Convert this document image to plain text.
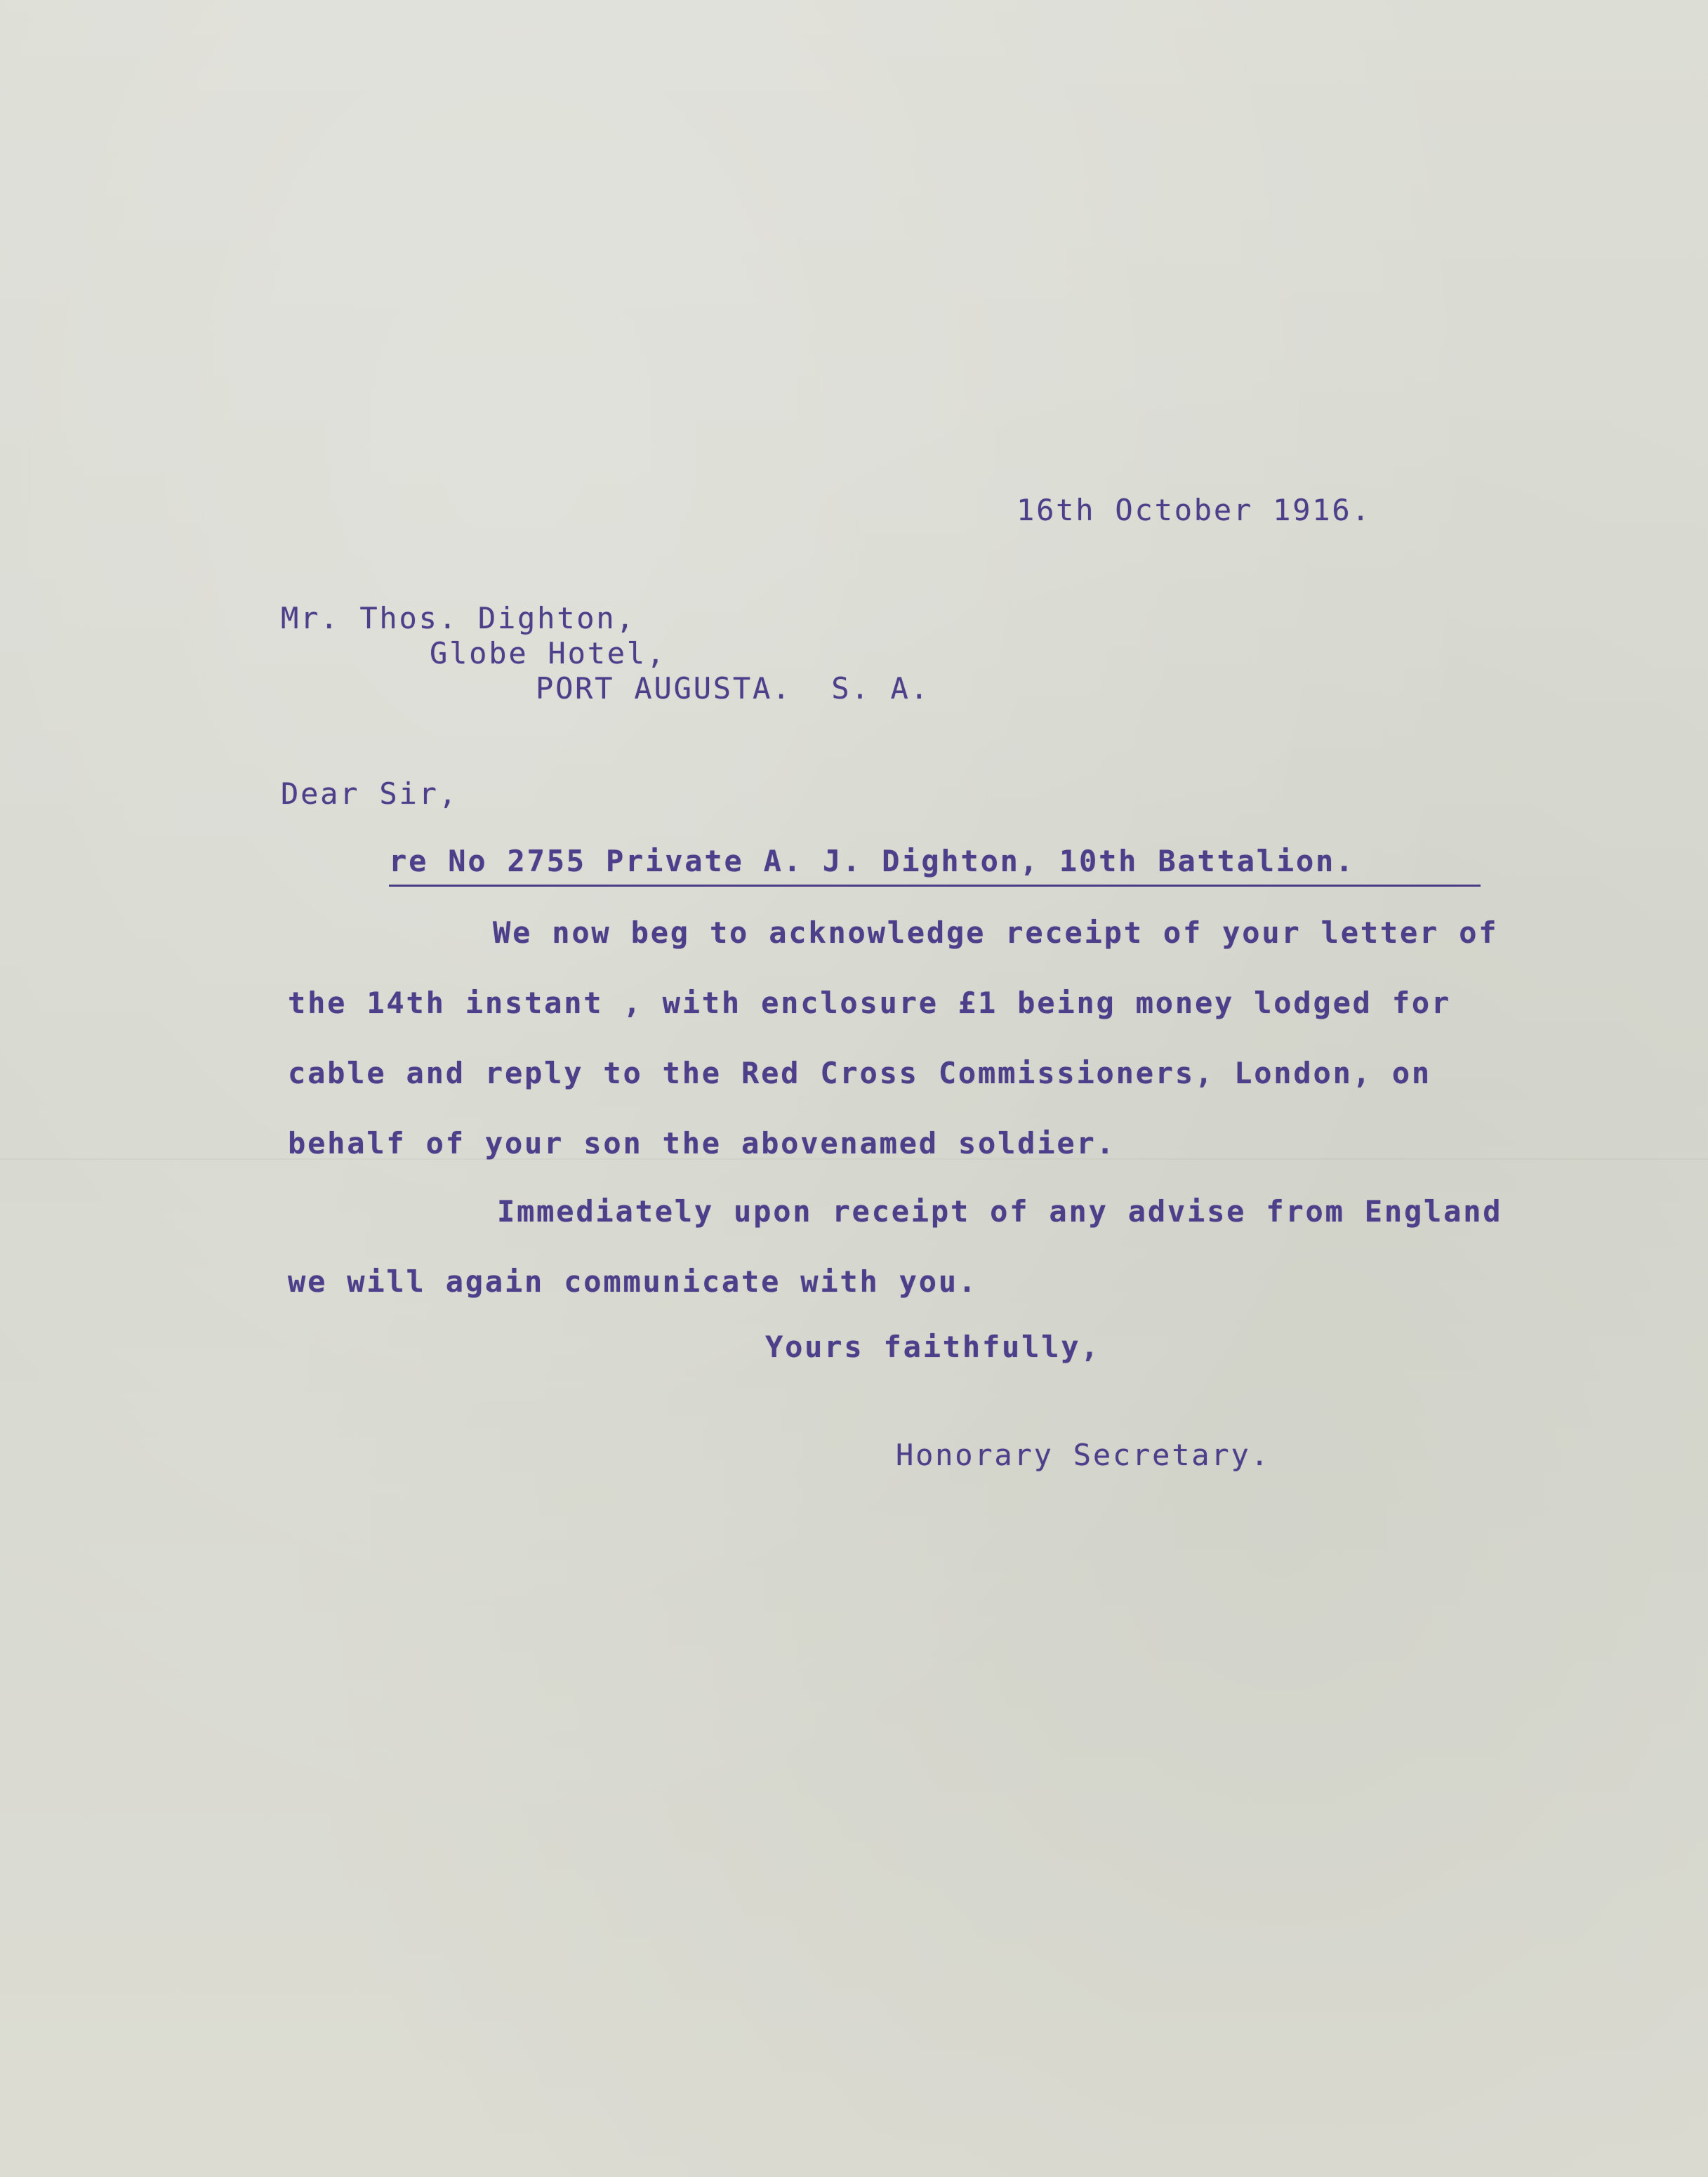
16th October 1916.
Mr. Thos. Dighton,
Globe Hotel,
PORT AUGUSTA.  S. A.
Dear Sir,
re No 2755 Private A. J. Dighton, 10th Battalion.
We now beg to acknowledge receipt of your letter of
the 14th instant , with enclosure £1 being money lodged for
cable and reply to the Red Cross Commissioners, London, on
behalf of your son the abovenamed soldier.
Immediately upon receipt of any advise from England
we will again communicate with you.
Yours faithfully,
Honorary Secretary.
